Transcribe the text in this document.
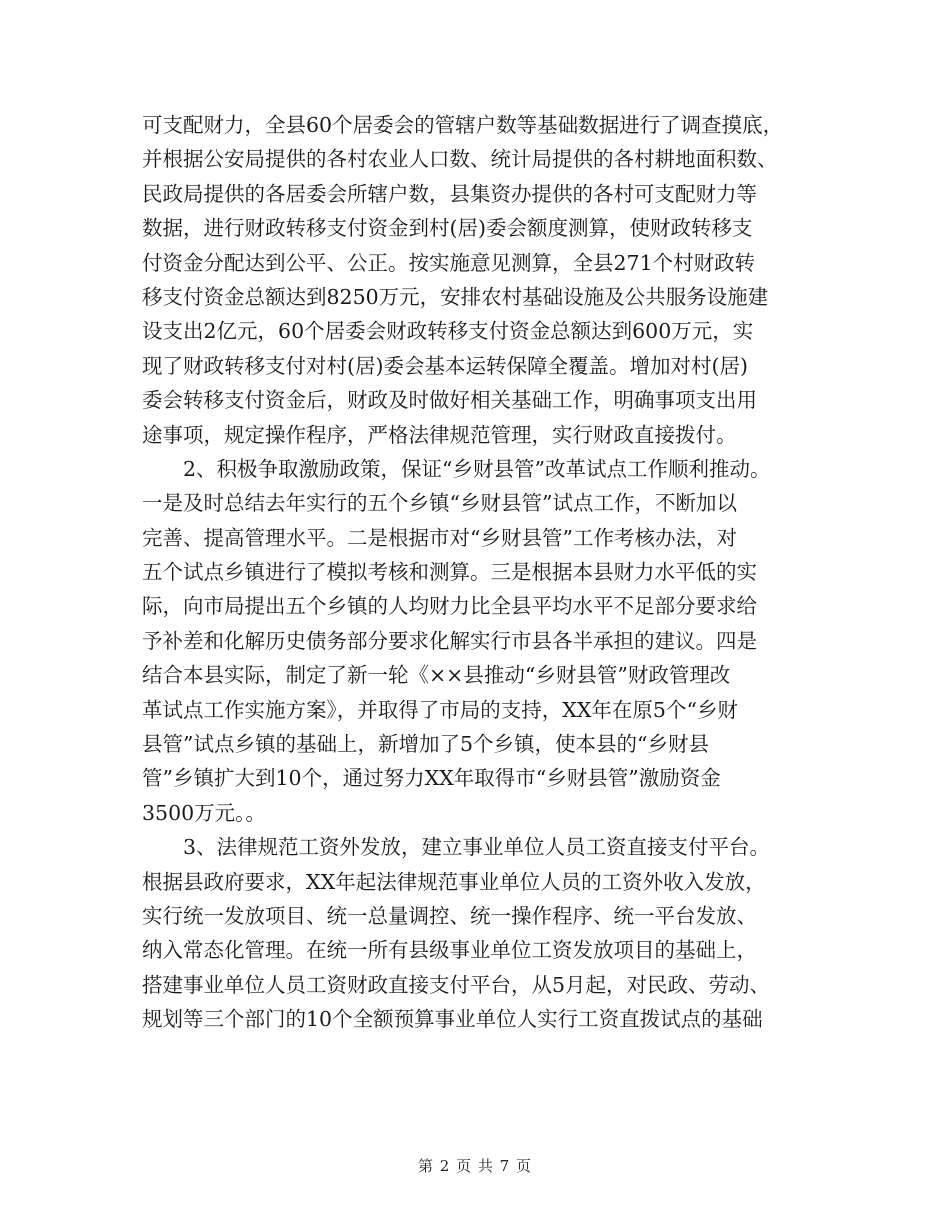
可支配财力，全县60个居委会的管辖户数等基础数据进行了调查摸底，
并根据公安局提供的各村农业人口数、统计局提供的各村耕地面积数、
民政局提供的各居委会所辖户数，县集资办提供的各村可支配财力等
数据，进行财政转移支付资金到村(居)委会额度测算，使财政转移支
付资金分配达到公平、公正。按实施意见测算，全县271个村财政转
移支付资金总额达到8250万元，安排农村基础设施及公共服务设施建
设支出2亿元，60个居委会财政转移支付资金总额达到600万元，实
现了财政转移支付对村(居)委会基本运转保障全覆盖。增加对村(居)
委会转移支付资金后，财政及时做好相关基础工作，明确事项支出用
途事项，规定操作程序，严格法律规范管理，实行财政直接拨付。
　　2、积极争取激励政策，保证“乡财县管”改革试点工作顺利推动。
一是及时总结去年实行的五个乡镇“乡财县管”试点工作，不断加以
完善、提高管理水平。二是根据市对“乡财县管”工作考核办法，对
五个试点乡镇进行了模拟考核和测算。三是根据本县财力水平低的实
际，向市局提出五个乡镇的人均财力比全县平均水平不足部分要求给
予补差和化解历史债务部分要求化解实行市县各半承担的建议。四是
结合本县实际，制定了新一轮《××县推动“乡财县管”财政管理改
革试点工作实施方案》，并取得了市局的支持，XX年在原5个“乡财
县管”试点乡镇的基础上，新增加了5个乡镇，使本县的“乡财县
管”乡镇扩大到10个，通过努力XX年取得市“乡财县管”激励资金
3500万元。。
　　3、法律规范工资外发放，建立事业单位人员工资直接支付平台。
根据县政府要求，XX年起法律规范事业单位人员的工资外收入发放，
实行统一发放项目、统一总量调控、统一操作程序、统一平台发放、
纳入常态化管理。在统一所有县级事业单位工资发放项目的基础上，
搭建事业单位人员工资财政直接支付平台，从5月起，对民政、劳动、
规划等三个部门的10个全额预算事业单位人实行工资直拨试点的基础
第 2 页 共 7 页
